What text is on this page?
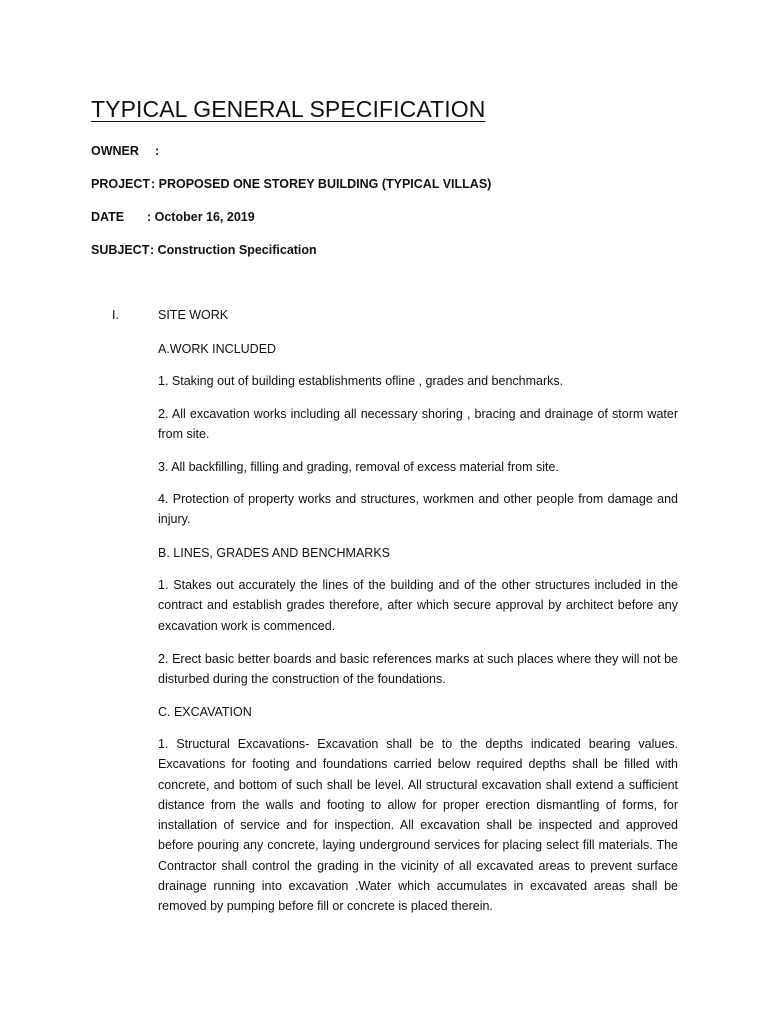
TYPICAL GENERAL SPECIFICATION
OWNER :
PROJECT: PROPOSED ONE STOREY BUILDING (TYPICAL VILLAS)
DATE : October 16, 2019
SUBJECT: Construction Specification
I.	SITE WORK
A.WORK INCLUDED
1. Staking out of building establishments ofline , grades and benchmarks.
2. All excavation works including all necessary shoring , bracing and drainage of storm water
from site.
3. All backfilling, filling and grading, removal of excess material from site.
4. Protection of property works and structures, workmen and other people from damage and
injury.
B. LINES, GRADES AND BENCHMARKS
1. Stakes out accurately the lines of the building and of the other structures included in the
contract and establish grades therefore, after which secure approval by architect before any
excavation work is commenced.
2. Erect basic better boards and basic references marks at such places where they will not be
disturbed during the construction of the foundations.
C. EXCAVATION
1. Structural Excavations- Excavation shall be to the depths indicated bearing values.
Excavations for footing and foundations carried below required depths shall be filled with
concrete, and bottom of such shall be level. All structural excavation shall extend a sufficient
distance from the walls and footing to allow for proper erection dismantling of forms, for
installation of service and for inspection. All excavation shall be inspected and approved
before pouring any concrete, laying underground services for placing select fill materials. The
Contractor shall control the grading in the vicinity of all excavated areas to prevent surface
drainage running into excavation .Water which accumulates in excavated areas shall be
removed by pumping before fill or concrete is placed therein.
